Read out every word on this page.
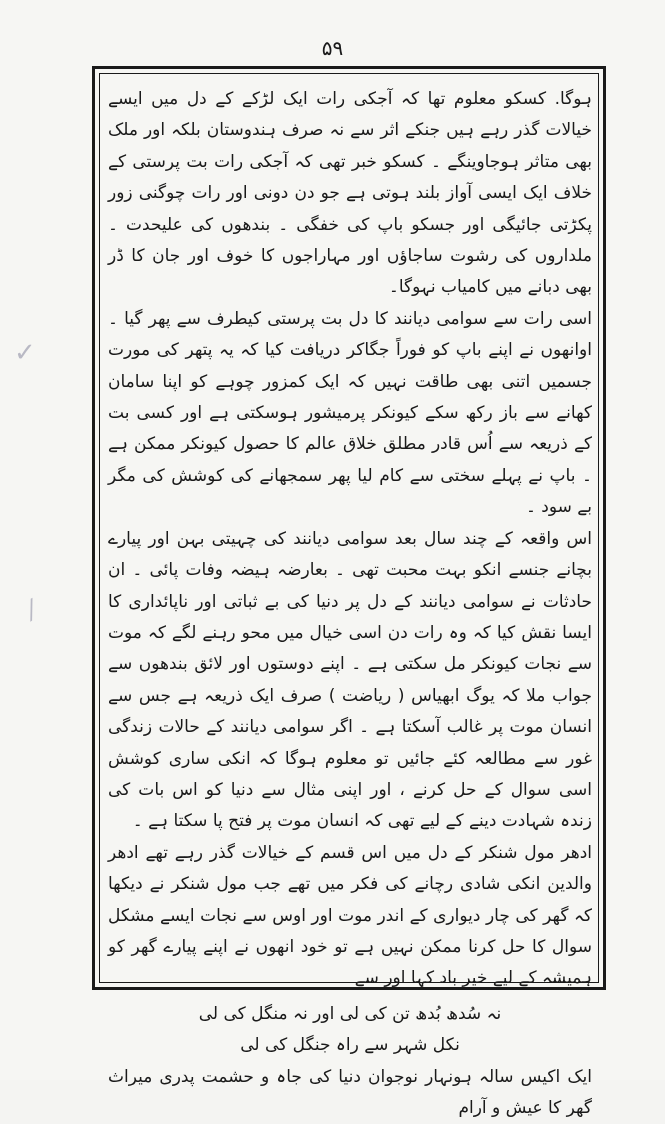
۵۹

ہوگا. کسکو معلوم تھا کہ آجکی رات ایک لڑکے کے دل میں ایسے خیالات گذر رہے ہیں جنکے اثر سے نہ صرف ہندوستان بلکہ اور ملک بھی متاثر ہوجاوینگے ۔ کسکو خبر تھی کہ آجکی رات بت پرستی کے خلاف ایک ایسی آواز بلند ہوتی ہے جو دن دونی اور رات چوگنی زور پکڑتی جائیگی اور جسکو باپ کی خفگی ۔ بندھوں کی علیحدت ۔ ملداروں کی رشوت ساجاؤں اور مہاراجوں کا خوف اور جان کا ڈر بھی دبانے میں کامیاب نہوگا۔

اسی رات سے سوامی دیانند کا دل بت پرستی کیطرف سے پھر گیا ۔ اوانھوں نے اپنے باپ کو فوراً جگاکر دریافت کیا کہ یہ پتھر کی مورت جسمیں اتنی بھی طاقت نہیں کہ ایک کمزور چوہے کو اپنا سامان کھانے سے باز رکھ سکے کیونکر پرمیشور ہوسکتی ہے اور کسی بت کے ذریعہ سے اُس قادر مطلق خلاق عالم کا حصول کیونکر ممکن ہے ۔ باپ نے پہلے سختی سے کام لیا پھر سمجھانے کی کوشش کی مگر بے سود ۔

اس واقعہ کے چند سال بعد سوامی دیانند کی چہیتی بہن اور پیارے بچانے جنسے انکو بہت محبت تھی ۔ بعارضہ ہیضہ وفات پائی ۔ ان حادثات نے سوامی دیانند کے دل پر دنیا کی بے ثباتی اور ناپائداری کا ایسا نقش کیا کہ وہ رات دن اسی خیال میں محو رہنے لگے کہ موت سے نجات کیونکر مل سکتی ہے ۔ اپنے دوستوں اور لائق بندھوں سے جواب ملا کہ یوگ ابھیاس ( ریاضت ) صرف ایک ذریعہ ہے جس سے انسان موت پر غالب آسکتا ہے ۔ اگر سوامی دیانند کے حالات زندگی غور سے مطالعہ کئے جائیں تو معلوم ہوگا کہ انکی ساری کوشش اسی سوال کے حل کرنے ، اور اپنی مثال سے دنیا کو اس بات کی زندہ شہادت دینے کے لیے تھی کہ انسان موت پر فتح پا سکتا ہے ۔

ادھر مول شنکر کے دل میں اس قسم کے خیالات گذر رہے تھے ادھر والدین انکی شادی رچانے کی فکر میں تھے جب مول شنکر نے دیکھا کہ گھر کی چار دیواری کے اندر موت اور اوس سے نجات ایسے مشکل سوال کا حل کرنا ممکن نہیں ہے تو خود انھوں نے اپنے پیارے گھر کو ہمیشہ کے لیے خیر باد کہا اور سے

نہ سُدھ بُدھ تن کی لی اور نہ منگل کی لی
نکل شہر سے راہ جنگل کی لی

ایک اکیس سالہ ہونہار نوجوان دنیا کی جاہ و حشمت پدری میراث گھر کا عیش و آرام

✓
⁄
